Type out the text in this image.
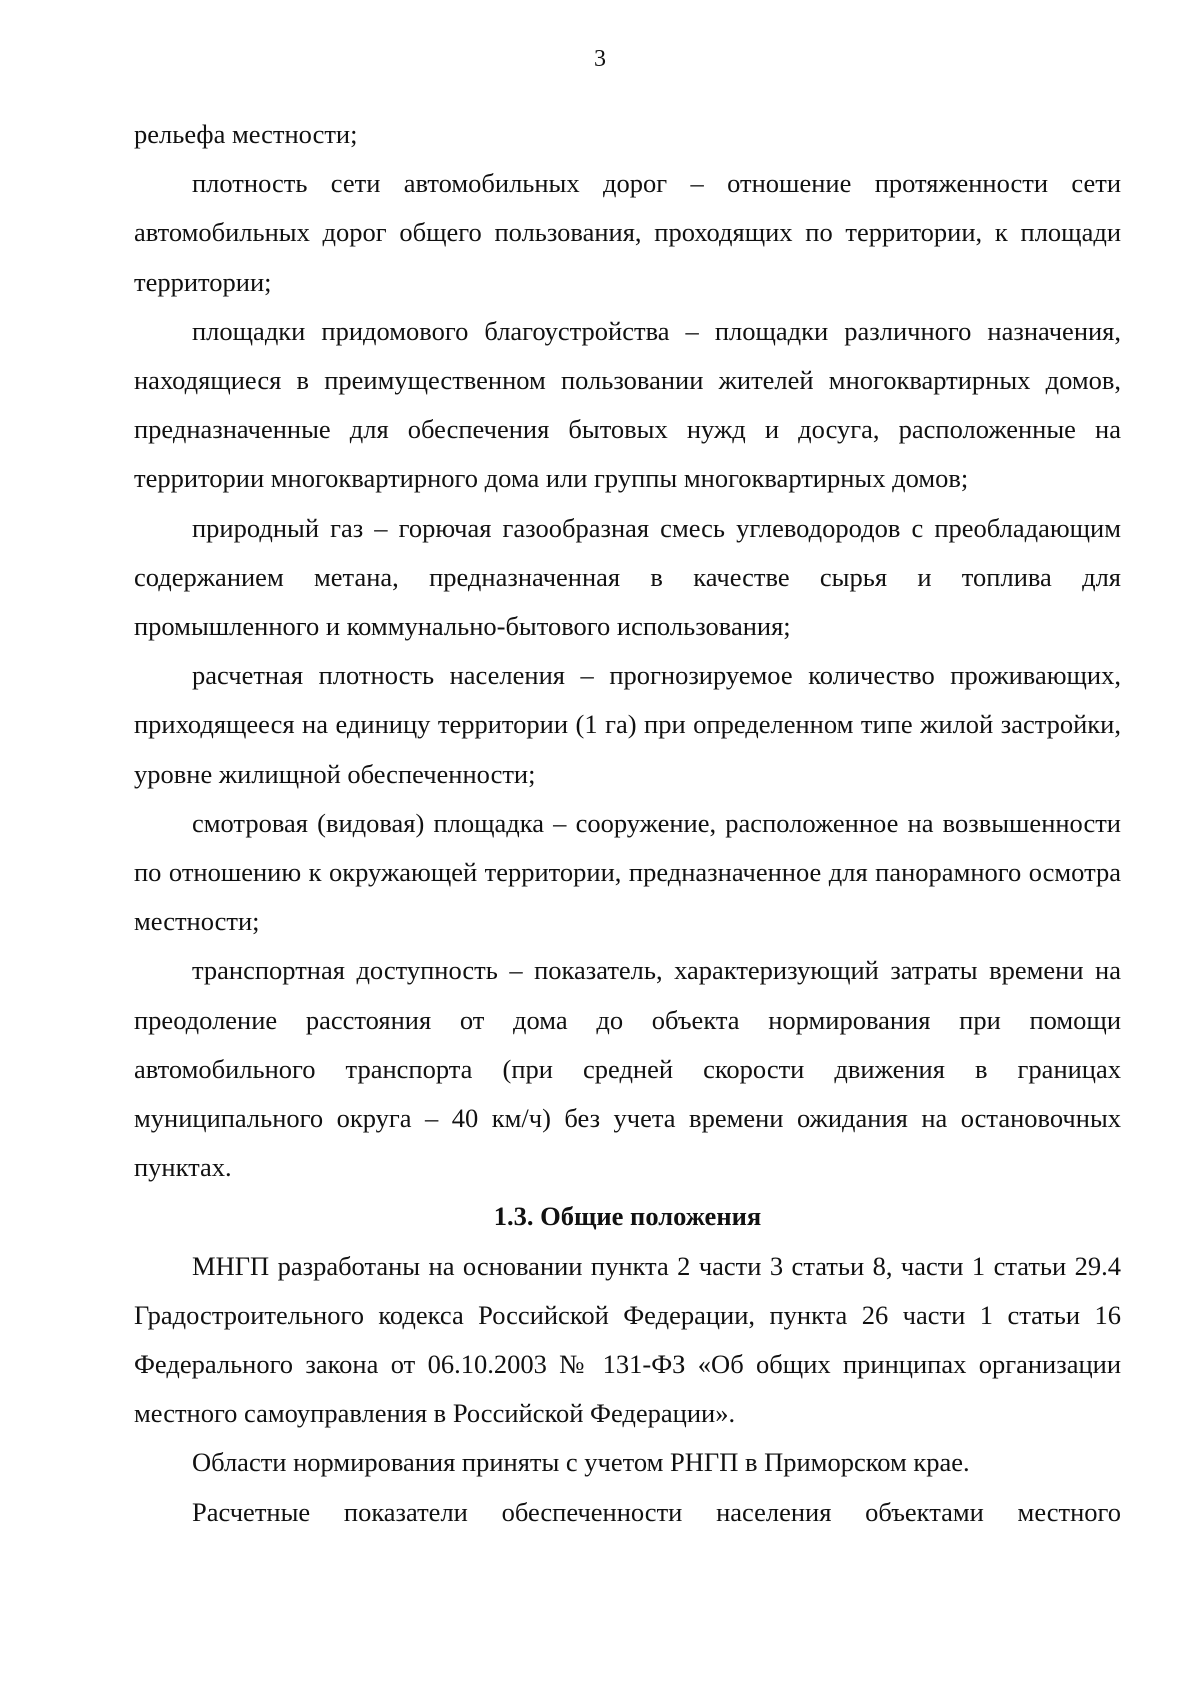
3

рельефа местности;

плотность сети автомобильных дорог – отношение протяженности сети автомобильных дорог общего пользования, проходящих по территории, к площади территории;

площадки придомового благоустройства – площадки различного назначения, находящиеся в преимущественном пользовании жителей многоквартирных домов, предназначенные для обеспечения бытовых нужд и досуга, расположенные на территории многоквартирного дома или группы многоквартирных домов;

природный газ – горючая газообразная смесь углеводородов с преобладающим содержанием метана, предназначенная в качестве сырья и топлива для промышленного и коммунально-бытового использования;

расчетная плотность населения – прогнозируемое количество проживающих, приходящееся на единицу территории (1 га) при определенном типе жилой застройки, уровне жилищной обеспеченности;

смотровая (видовая) площадка – сооружение, расположенное на возвышенности по отношению к окружающей территории, предназначенное для панорамного осмотра местности;

транспортная доступность – показатель, характеризующий затраты времени на преодоление расстояния от дома до объекта нормирования при помощи автомобильного транспорта (при средней скорости движения в границах муниципального округа – 40 км/ч) без учета времени ожидания на остановочных пунктах.

1.3. Общие положения

МНГП разработаны на основании пункта 2 части 3 статьи 8, части 1 статьи 29.4 Градостроительного кодекса Российской Федерации, пункта 26 части 1 статьи 16 Федерального закона от 06.10.2003 № 131-ФЗ «Об общих принципах организации местного самоуправления в Российской Федерации».

Области нормирования приняты с учетом РНГП в Приморском крае.

Расчетные показатели обеспеченности населения объектами местного
